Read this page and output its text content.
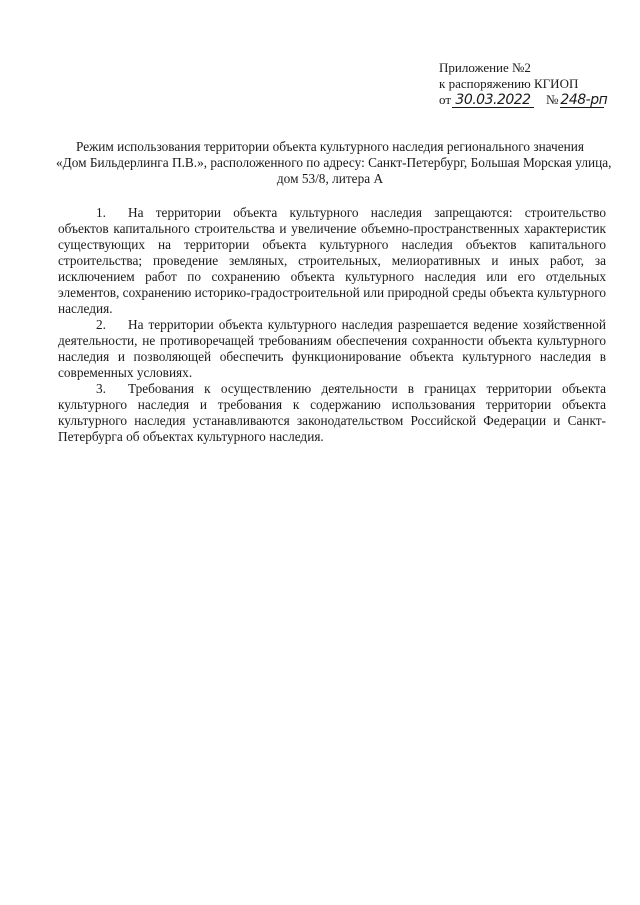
Приложение №2
к распоряжению КГИОП
от 30.03.2022 № 248-рп
Режим использования территории объекта культурного наследия регионального значения
«Дом Бильдерлинга П.В.», расположенного по адресу: Санкт-Петербург, Большая Морская улица,
дом 53/8, литера А

1. На территории объекта культурного наследия запрещаются: строительство объектов капитального строительства и увеличение объемно-пространственных характеристик существующих на территории объекта культурного наследия объектов капитального строительства; проведение земляных, строительных, мелиоративных и иных работ, за исключением работ по сохранению объекта культурного наследия или его отдельных элементов, сохранению историко-градостроительной или природной среды объекта культурного наследия.

2. На территории объекта культурного наследия разрешается ведение хозяйственной деятельности, не противоречащей требованиям обеспечения сохранности объекта культурного наследия и позволяющей обеспечить функционирование объекта культурного наследия в современных условиях.

3. Требования к осуществлению деятельности в границах территории объекта культурного наследия и требования к содержанию использования территории объекта культурного наследия устанавливаются законодательством Российской Федерации и Санкт-Петербурга об объектах культурного наследия.
